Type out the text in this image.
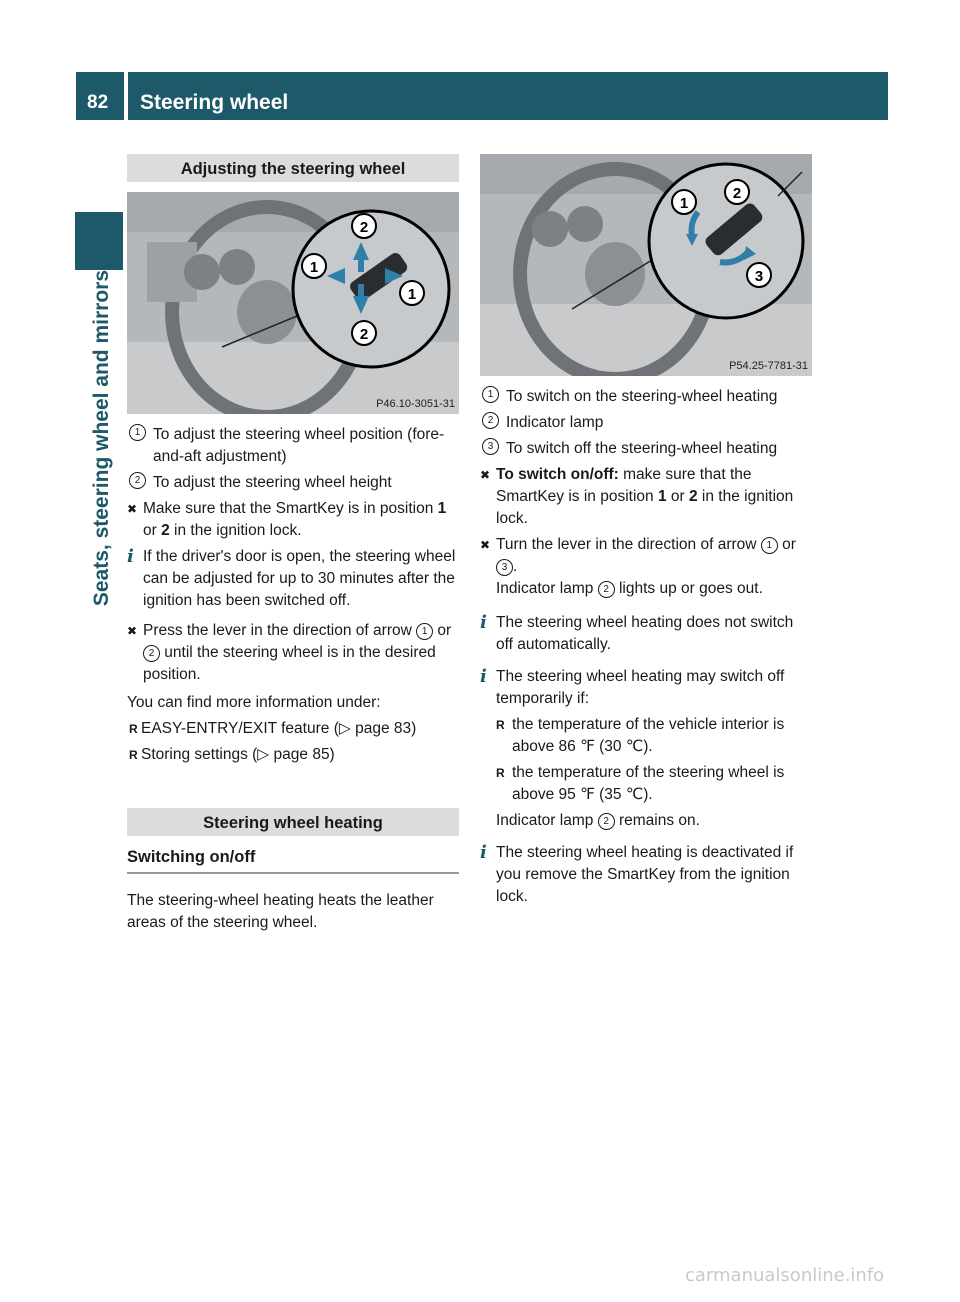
82	Steering wheel
Seats, steering wheel and mirrors
Adjusting the steering wheel
2
2
1
1
P46.10-3051-31
1 To adjust the steering wheel position (fore-and-aft adjustment)
2 To adjust the steering wheel height
✖ Make sure that the SmartKey is in position 1 or 2 in the ignition lock.
i If the driver's door is open, the steering wheel can be adjusted for up to 30 minutes after the ignition has been switched off.
✖ Press the lever in the direction of arrow 1 or 2 until the steering wheel is in the desired position.

You can find more information under:

R EASY-ENTRY/EXIT feature (▷ page 83)
R Storing settings (▷ page 85)
Steering wheel heating
Switching on/off

The steering-wheel heating heats the leather areas of the steering wheel.

1
2
3
P54.25-7781-31
1 To switch on the steering-wheel heating
2 Indicator lamp
3 To switch off the steering-wheel heating
✖ To switch on/off: make sure that the SmartKey is in position 1 or 2 in the ignition lock.
✖ Turn the lever in the direction of arrow 1 or 3 .
Indicator lamp 2 lights up or goes out.
i The steering wheel heating does not switch off automatically.
i The steering wheel heating may switch off temporarily if:
R the temperature of the vehicle interior is above 86 ℉ (30 ℃).
R the temperature of the steering wheel is above 95 ℉ (35 ℃).

Indicator lamp 2 remains on.

i The steering wheel heating is deactivated if you remove the SmartKey from the ignition lock.
carmanualsonline.info
